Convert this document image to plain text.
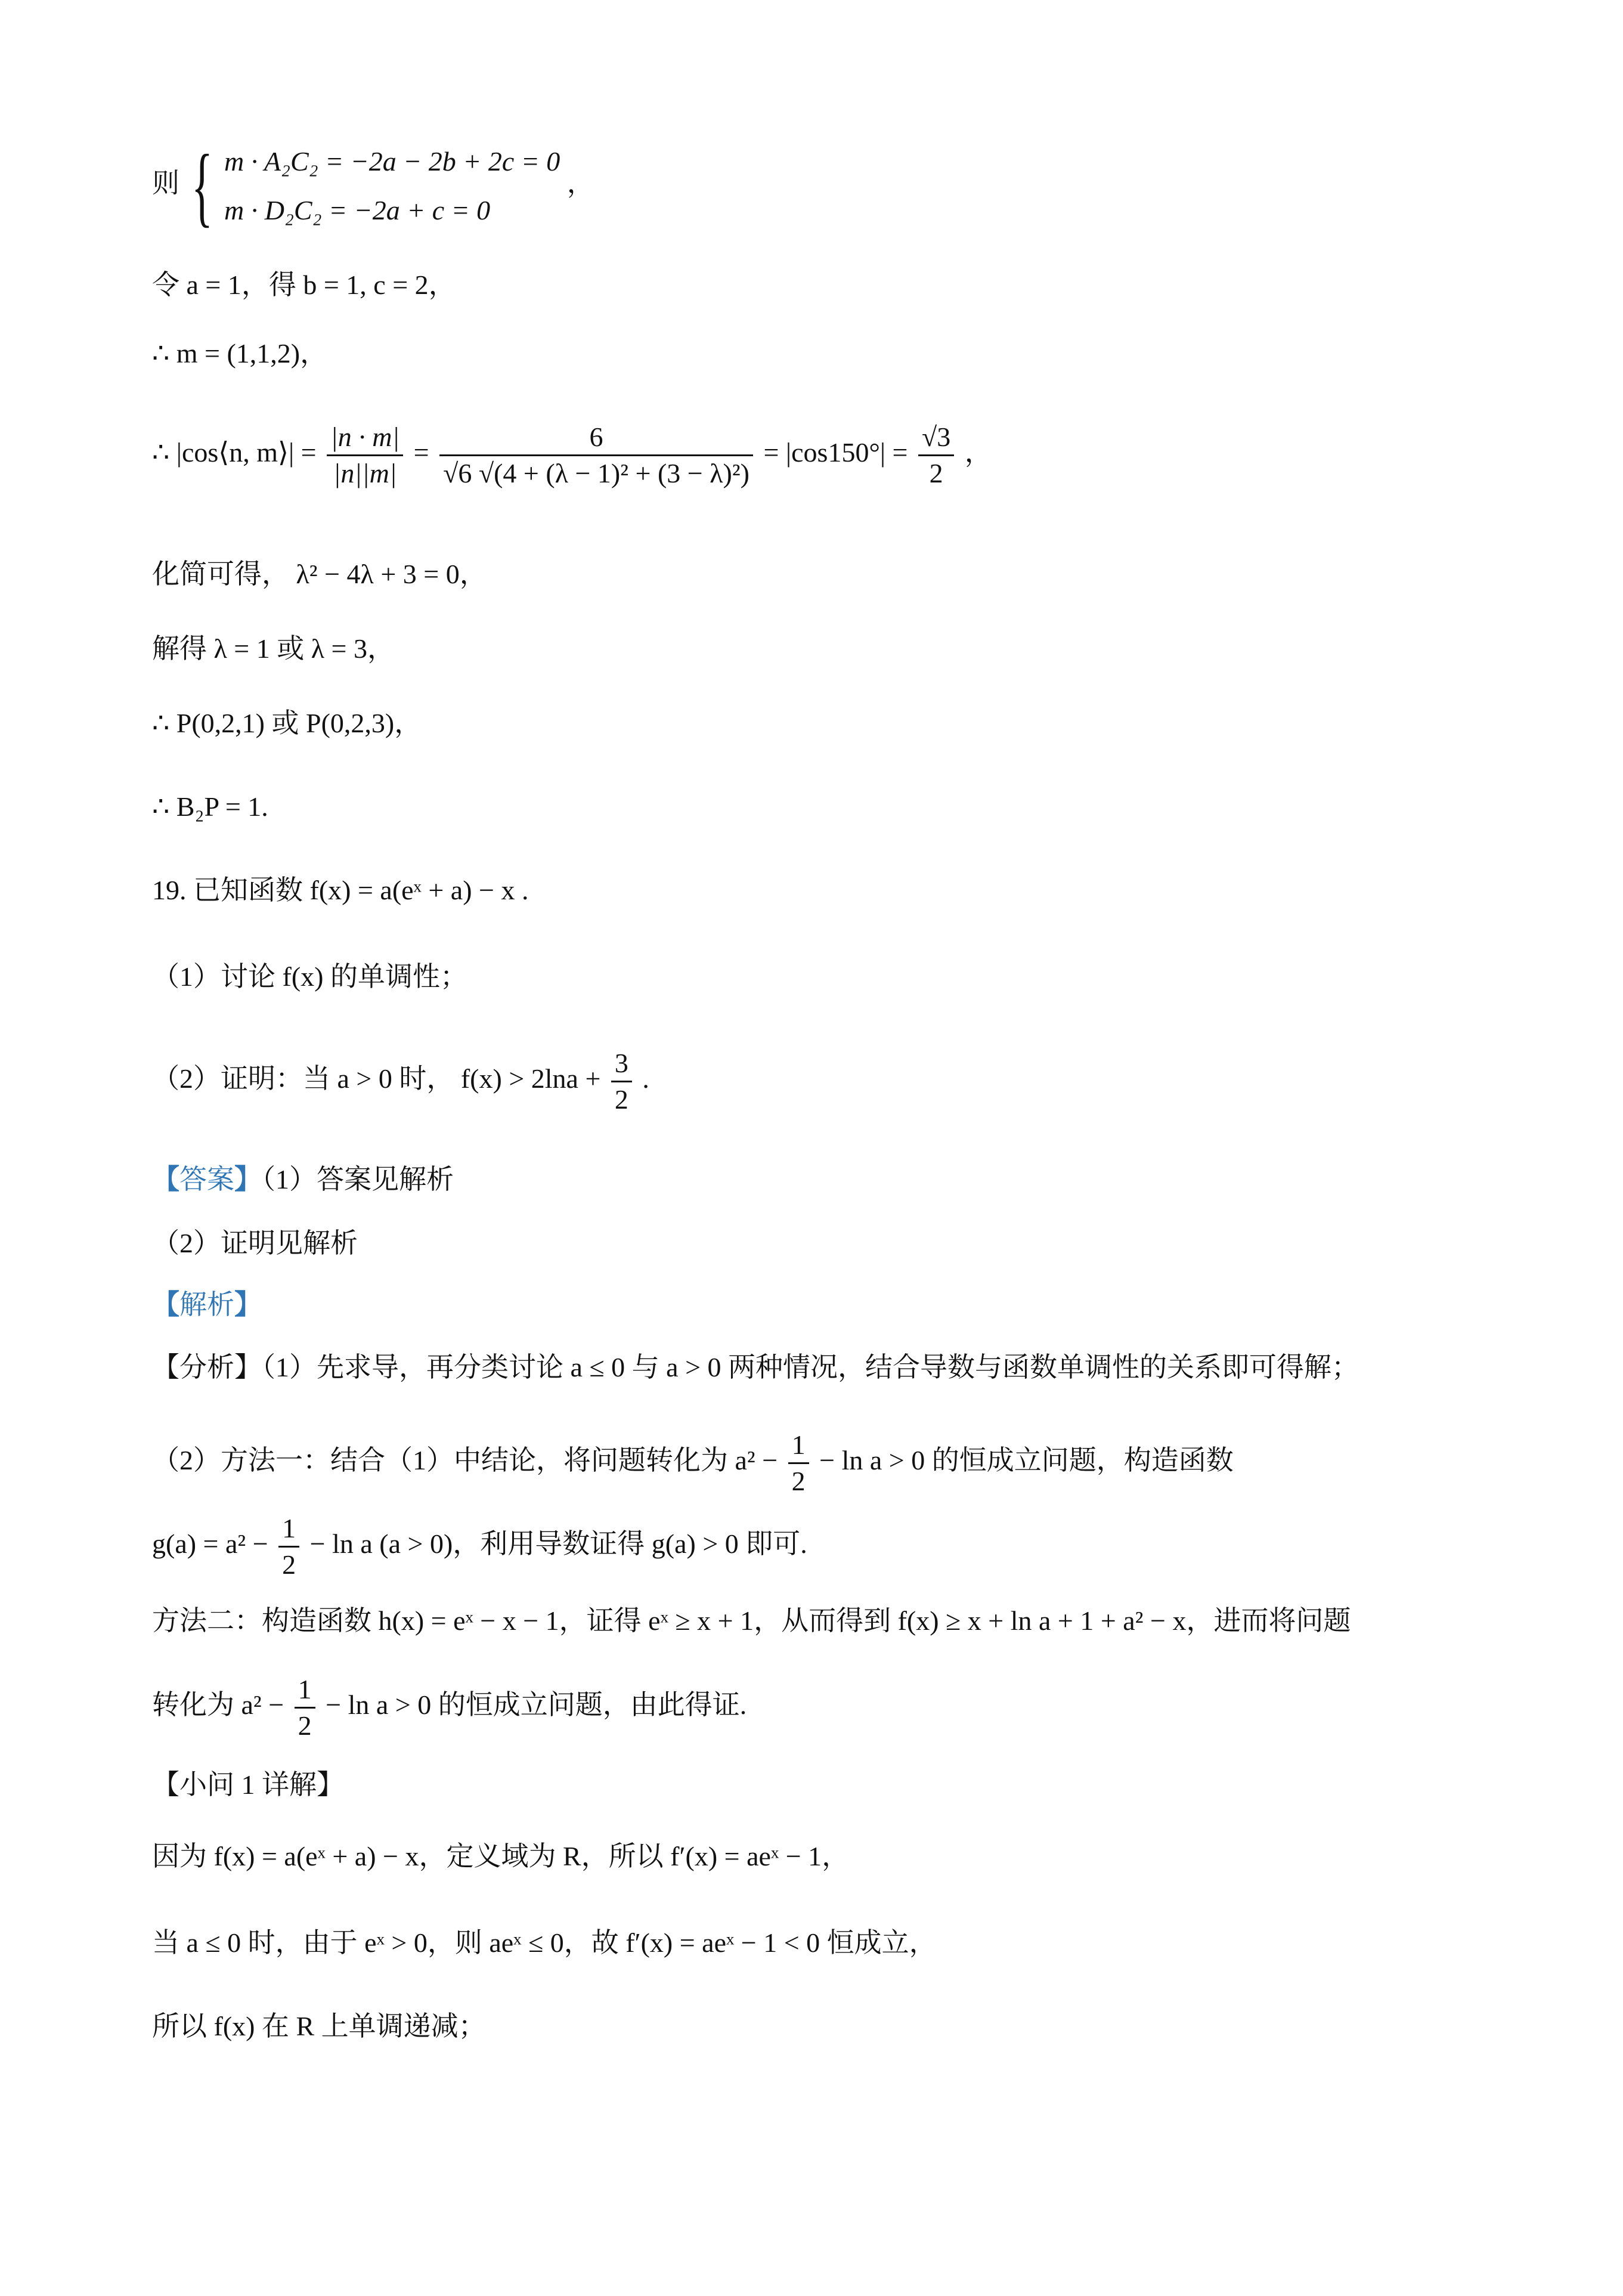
则 { m · A₂C₂ = −2a − 2b + 2c = 0
m · D₂C₂ = −2a + c = 0
，
令 a = 1，得 b = 1, c = 2，
∴ m = (1,1,2)，
∴ |cos⟨n, m⟩| = $\frac{|n \cdot m|}{|n||m|} = \frac{6}{\text{√6 √(4 + (λ − 1)² + (3 − λ)²)}} = |\cos 150^\circ| = \frac{√3}{2}$ ，
化简可得， λ² − 4λ + 3 = 0，
解得 λ = 1 或 λ = 3，
∴ P(0,2,1) 或 P(0,2,3)，
∴ B₂P = 1.
19. 已知函数 f(x) = a(eˣ + a) − x .
（1）讨论 f(x) 的单调性；
（2）证明：当 a > 0 时， $f(x) > 2\ln a + \frac{3}{2}$ .
【答案】（1）答案见解析
（2）证明见解析
【解析】
【分析】（1）先求导，再分类讨论 a ≤ 0 与 a > 0 两种情况，结合导数与函数单调性的关系即可得解；
（2）方法一：结合（1）中结论，将问题转化为 $a^2 - \frac{1}{2} - \ln a > 0$ 的恒成立问题，构造函数
$g(a) = a^2 - \frac{1}{2} - \ln a$ (a > 0)，利用导数证得 g(a) > 0 即可.
方法二：构造函数 h(x) = eˣ − x − 1，证得 eˣ ≥ x + 1，从而得到 f(x) ≥ x + ln a + 1 + a² − x，进而将问题
转化为 $a^2 - \frac{1}{2} - \ln a > 0$ 的恒成立问题，由此得证.
【小问 1 详解】
因为 f(x) = a(eˣ + a) − x，定义域为 R，所以 f′(x) = aeˣ − 1，
当 a ≤ 0 时，由于 eˣ > 0，则 aeˣ ≤ 0，故 f′(x) = aeˣ − 1 < 0 恒成立，
所以 f(x) 在 R 上单调递减；
